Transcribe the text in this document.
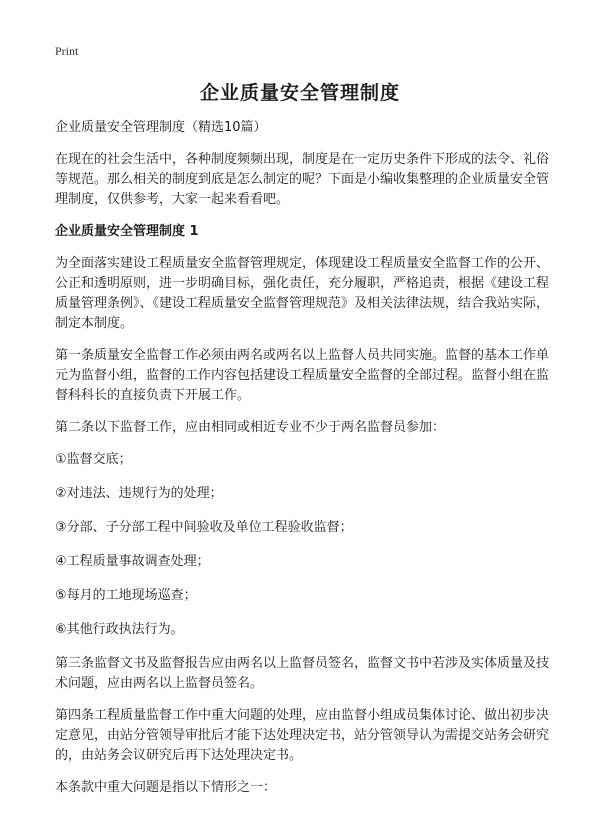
Print
企业质量安全管理制度

企业质量安全管理制度（精选10篇）

在现在的社会生活中，各种制度频频出现，制度是在一定历史条件下形成的法令、礼俗等规范。那么相关的制度到底是怎么制定的呢？下面是小编收集整理的企业质量安全管理制度，仅供参考，大家一起来看看吧。

企业质量安全管理制度 1

为全面落实建设工程质量安全监督管理规定，体现建设工程质量安全监督工作的公开、公正和透明原则，进一步明确目标，强化责任，充分履职，严格追责，根据《建设工程质量管理条例》、《建设工程质量安全监督管理规范》及相关法律法规，结合我站实际，制定本制度。

第一条质量安全监督工作必须由两名或两名以上监督人员共同实施。监督的基本工作单元为监督小组，监督的工作内容包括建设工程质量安全监督的全部过程。监督小组在监督科科长的直接负责下开展工作。

第二条以下监督工作，应由相同或相近专业不少于两名监督员参加：

①监督交底；

②对违法、违规行为的处理；

③分部、子分部工程中间验收及单位工程验收监督；

④工程质量事故调查处理；

⑤每月的工地现场巡查；

⑥其他行政执法行为。

第三条监督文书及监督报告应由两名以上监督员签名，监督文书中若涉及实体质量及技术问题，应由两名以上监督员签名。

第四条工程质量监督工作中重大问题的处理，应由监督小组成员集体讨论、做出初步决定意见，由站分管领导审批后才能下达处理决定书，站分管领导认为需提交站务会研究的，由站务会议研究后再下达处理决定书。

本条款中重大问题是指以下情形之一：
